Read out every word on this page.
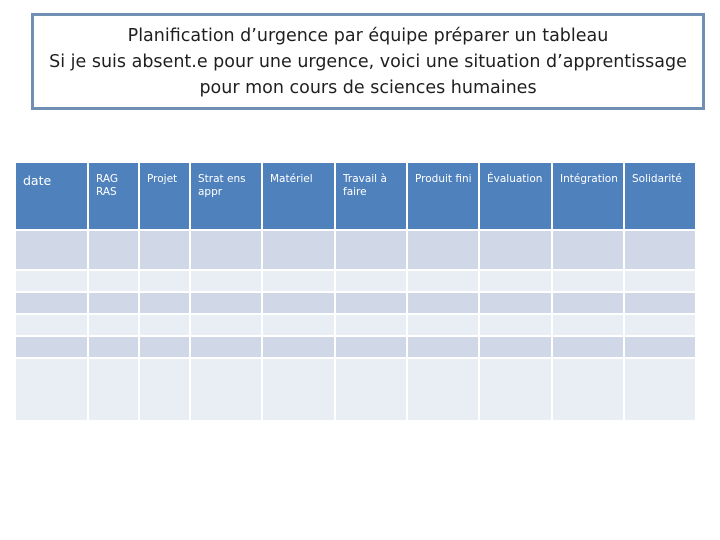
Planification d’urgence par équipe préparer un tableau
Si je suis absent.e pour une urgence, voici une situation d’apprentissage
pour mon cours de sciences humaines
date	RAG RAS	Projet	Strat ens appr	Matériel	Travail à faire	Produit fini	Évaluation	Intégration	Solidarité
